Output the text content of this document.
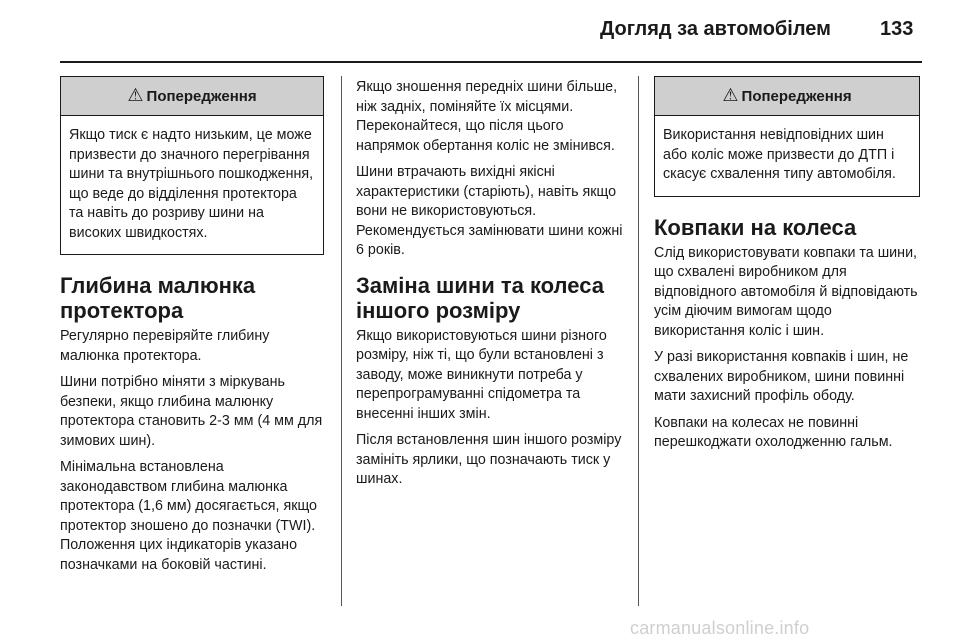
Догляд за автомобілем 133
⚠ Попередження
Якщо тиск є надто низьким, це може призвести до значного перегрівання шини та внутрішнього пошкодження, що веде до відділення протектора та навіть до розриву шини на високих швидкостях.
Глибина малюнка протектора

Регулярно перевіряйте глибину малюнка протектора.

Шини потрібно міняти з міркувань безпеки, якщо глибина малюнку протектора становить 2-3 мм (4 мм для зимових шин).

Мінімальна встановлена законодавством глибина малюнка протектора (1,6 мм) досягається, якщо протектор зношено до позначки (TWI). Положення цих індикаторів указано позначками на боковій частині.

Якщо зношення передніх шини більше, ніж задніх, поміняйте їх місцями. Переконайтеся, що після цього напрямок обертання коліс не змінився.

Шини втрачають вихідні якісні характеристики (старіють), навіть якщо вони не використовуються. Рекомендується замінювати шини кожні 6 років.

Заміна шини та колеса іншого розміру

Якщо використовуються шини різного розміру, ніж ті, що були встановлені з заводу, може виникнути потреба у перепрограмуванні спідометра та внесенні інших змін.

Після встановлення шин іншого розміру замініть ярлики, що позначають тиск у шинах.

⚠ Попередження
Використання невідповідних шин або коліс може призвести до ДТП і скасує схвалення типу автомобіля.
Ковпаки на колеса

Слід використовувати ковпаки та шини, що схвалені виробником для відповідного автомобіля й відповідають усім діючим вимогам щодо використання коліс і шин.

У разі використання ковпаків і шин, не схвалених виробником, шини повинні мати захисний профіль ободу.

Ковпаки на колесах не повинні перешкоджати охолодженню гальм.

carmanualsonline.info
